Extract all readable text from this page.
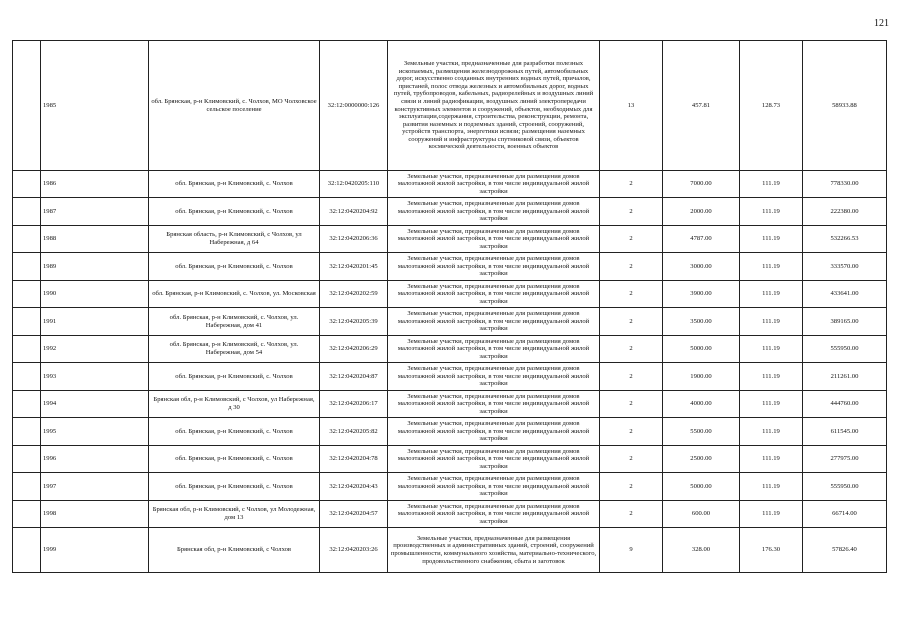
121
	1985	обл. Брянская, р-н Климовский, с. Чолхов, МО Чолховское сельское поселение	32:12:0000000:126	Земельные участки, предназначенные для разработки полезных ископаемых, размещения железнодорожных путей, автомобильных дорог, искусственно созданных внутренних водных путей, причалов, пристаней, полос отвода железных и автомобильных дорог, водных путей, трубопроводов, кабельных, радиорелейных и воздушных линий связи и линий радиофикации, воздушных линий электропередачи конструктивных элементов и сооружений, объектов, необходимых для эксплуатации,содержания, строительства, реконструкции, ремонта, развития наземных и подземных зданий, строений, сооружений, устройств транспорта, энергетики исвязи; размещения наземных сооружений и инфраструктуры спутниковой связи, объектов космической деятельности, военных объектов	13	457.81	128.73	58933.88
	1986	обл. Брянская, р-н Климовский, с. Чолхов	32:12:0420205:110	Земельные участки, предназначенные для размещения домов малоэтажной жилой застройки, в том числе индивидуальной жилой застройки	2	7000.00	111.19	778330.00
	1987	обл. Брянская, р-н Климовский, с. Чолхов	32:12:0420204:92	Земельные участки, предназначенные для размещения домов малоэтажной жилой застройки, в том числе индивидуальной жилой застройки	2	2000.00	111.19	222380.00
	1988	Брянская область, р-н Климовский, с Чолхов, ул Набережная, д 64	32:12:0420206:36	Земельные участки, предназначенные для размещения домов малоэтажной жилой застройки, в том числе индивидуальной жилой застройки	2	4787.00	111.19	532266.53
	1989	обл. Брянская, р-н Климовский, с. Чолхов	32:12:0420201:45	Земельные участки, предназначенные для размещения домов малоэтажной жилой застройки, в том числе индивидуальной жилой застройки	2	3000.00	111.19	333570.00
	1990	обл. Брянская, р-н Климовский, с. Чолхов, ул. Московская	32:12:0420202:59	Земельные участки, предназначенные для размещения домов малоэтажной жилой застройки, в том числе индивидуальной жилой застройки	2	3900.00	111.19	433641.00
	1991	обл. Брянская, р-н Климовский, с. Чолхов, ул. Набережная, дом 41	32:12:0420205:39	Земельные участки, предназначенные для размещения домов малоэтажной жилой застройки, в том числе индивидуальной жилой застройки	2	3500.00	111.19	389165.00
	1992	обл. Брянская, р-н Климовский, с. Чолхов, ул. Набережная, дом 54	32:12:0420206:29	Земельные участки, предназначенные для размещения домов малоэтажной жилой застройки, в том числе индивидуальной жилой застройки	2	5000.00	111.19	555950.00
	1993	обл. Брянская, р-н Климовский, с. Чолхов	32:12:0420204:87	Земельные участки, предназначенные для размещения домов малоэтажной жилой застройки, в том числе индивидуальной жилой застройки	2	1900.00	111.19	211261.00
	1994	Брянская обл, р-н Климовский, с Чолхов, ул Набережная, д 30	32:12:0420206:17	Земельные участки, предназначенные для размещения домов малоэтажной жилой застройки, в том числе индивидуальной жилой застройки	2	4000.00	111.19	444760.00
	1995	обл. Брянская, р-н Климовский, с. Чолхов	32:12:0420205:82	Земельные участки, предназначенные для размещения домов малоэтажной жилой застройки, в том числе индивидуальной жилой застройки	2	5500.00	111.19	611545.00
	1996	обл. Брянская, р-н Климовский, с. Чолхов	32:12:0420204:78	Земельные участки, предназначенные для размещения домов малоэтажной жилой застройки, в том числе индивидуальной жилой застройки	2	2500.00	111.19	277975.00
	1997	обл. Брянская, р-н Климовский, с. Чолхов	32:12:0420204:43	Земельные участки, предназначенные для размещения домов малоэтажной жилой застройки, в том числе индивидуальной жилой застройки	2	5000.00	111.19	555950.00
	1998	Брянская обл, р-н Климовский, с Чолхов, ул Молодежная, дом 13	32:12:0420204:57	Земельные участки, предназначенные для размещения домов малоэтажной жилой застройки, в том числе индивидуальной жилой застройки	2	600.00	111.19	66714.00
	1999	Брянская обл, р-н Климовский, с Чолхов	32:12:0420203:26	Земельные участки, предназначенные для размещения производственных и административных зданий, строений, сооружений промышленности, коммунального хозяйства, материально-технического, продовольственного снабжения, сбыта и заготовок	9	328.00	176.30	57826.40
